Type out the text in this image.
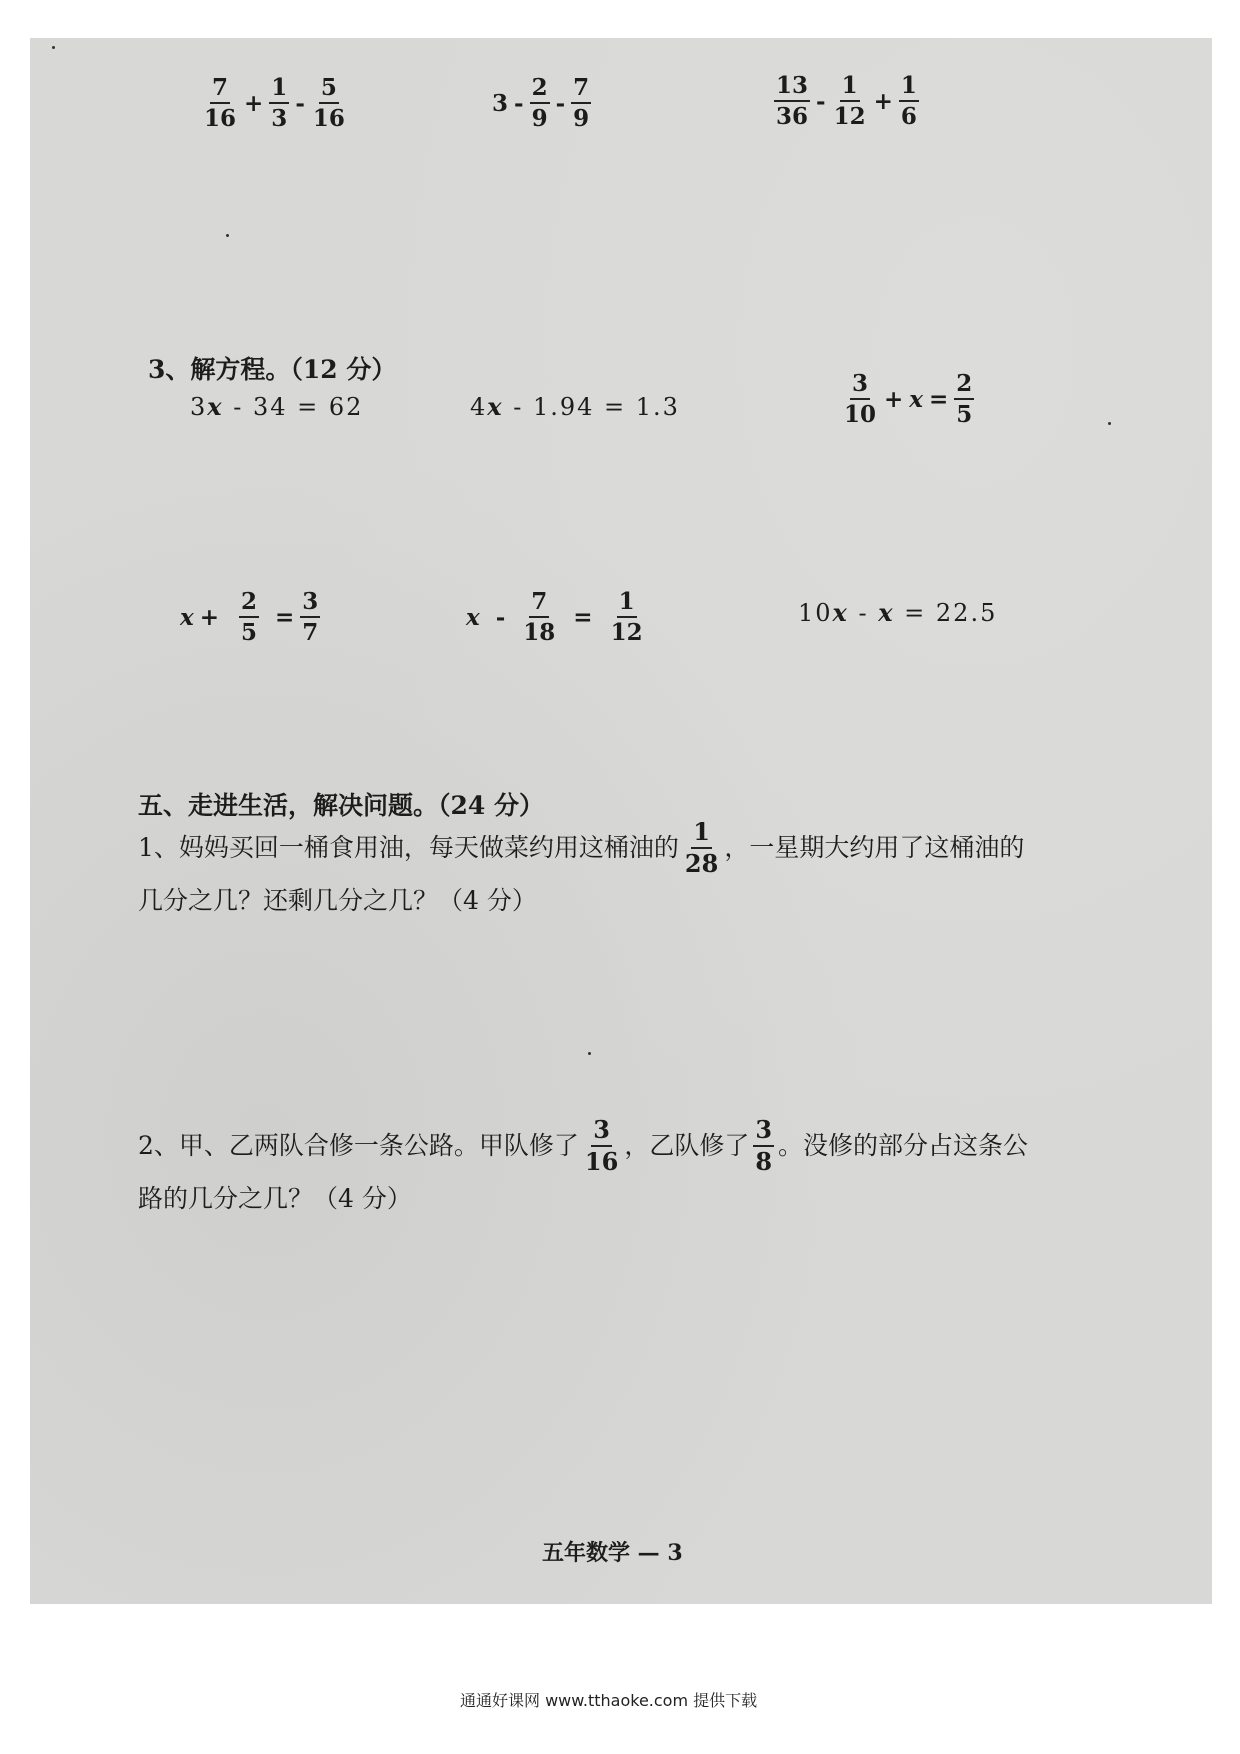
$\frac{7}{16} + \frac{1}{3} - \frac{5}{16}$	$3 - \frac{2}{9} - \frac{7}{9}$	$\frac{13}{36} - \frac{1}{12} + \frac{1}{6}$
3、解方程。（12 分）
3x - 34 = 62	4x - 1.94 = 1.3	$\frac{3}{10} + x = \frac{2}{5}$
$x + \frac{2}{5} = \frac{3}{7}$	$x - \frac{7}{18} = \frac{1}{12}$	10x - x = 22.5
五、走进生活，解决问题。（24 分）
1、妈妈买回一桶食用油，每天做菜约用这桶油的 $\frac{1}{28}$ ，一星期大约用了这桶油的
几分之几？还剩几分之几？（4 分）
2、甲、乙两队合修一条公路。甲队修了 $\frac{3}{16}$ ，乙队修了 $\frac{3}{8}$ 。没修的部分占这条公
路的几分之几？（4 分）
五年数学 — 3
通通好课网 www.tthaoke.com 提供下载
